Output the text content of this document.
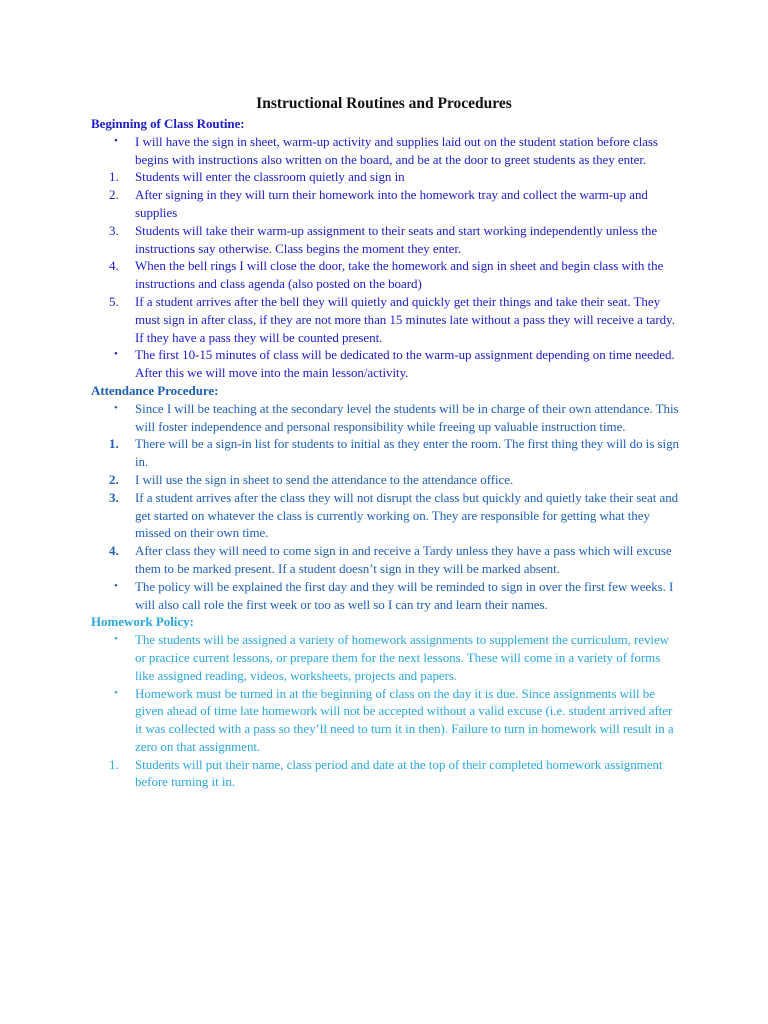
Instructional Routines and Procedures

Beginning of Class Routine:

•	I will have the sign in sheet, warm-up activity and supplies laid out on the student station before class begins with instructions also written on the board, and be at the door to greet students as they enter.
1.	Students will enter the classroom quietly and sign in
2.	After signing in they will turn their homework into the homework tray and collect the warm-up and supplies
3.	Students will take their warm-up assignment to their seats and start working independently unless the instructions say otherwise. Class begins the moment they enter.
4.	When the bell rings I will close the door, take the homework and sign in sheet and begin class with the instructions and class agenda (also posted on the board)
5.	If a student arrives after the bell they will quietly and quickly get their things and take their seat. They must sign in after class, if they are not more than 15 minutes late without a pass they will receive a tardy. If they have a pass they will be counted present.
•	The first 10-15 minutes of class will be dedicated to the warm-up assignment depending on time needed. After this we will move into the main lesson/activity.

Attendance Procedure:

•	Since I will be teaching at the secondary level the students will be in charge of their own attendance. This will foster independence and personal responsibility while freeing up valuable instruction time.
1.	There will be a sign-in list for students to initial as they enter the room. The first thing they will do is sign in.
2.	I will use the sign in sheet to send the attendance to the attendance office.
3.	If a student arrives after the class they will not disrupt the class but quickly and quietly take their seat and get started on whatever the class is currently working on. They are responsible for getting what they missed on their own time.
4.	After class they will need to come sign in and receive a Tardy unless they have a pass which will excuse them to be marked present. If a student doesn’t sign in they will be marked absent.
•	The policy will be explained the first day and they will be reminded to sign in over the first few weeks. I will also call role the first week or too as well so I can try and learn their names.

Homework Policy:

•	The students will be assigned a variety of homework assignments to supplement the curriculum, review or practice current lessons, or prepare them for the next lessons. These will come in a variety of forms like assigned reading, videos, worksheets, projects and papers.
•	Homework must be turned in at the beginning of class on the day it is due. Since assignments will be given ahead of time late homework will not be accepted without a valid excuse (i.e. student arrived after it was collected with a pass so they’ll need to turn it in then). Failure to turn in homework will result in a zero on that assignment.
1.	Students will put their name, class period and date at the top of their completed homework assignment before turning it in.
